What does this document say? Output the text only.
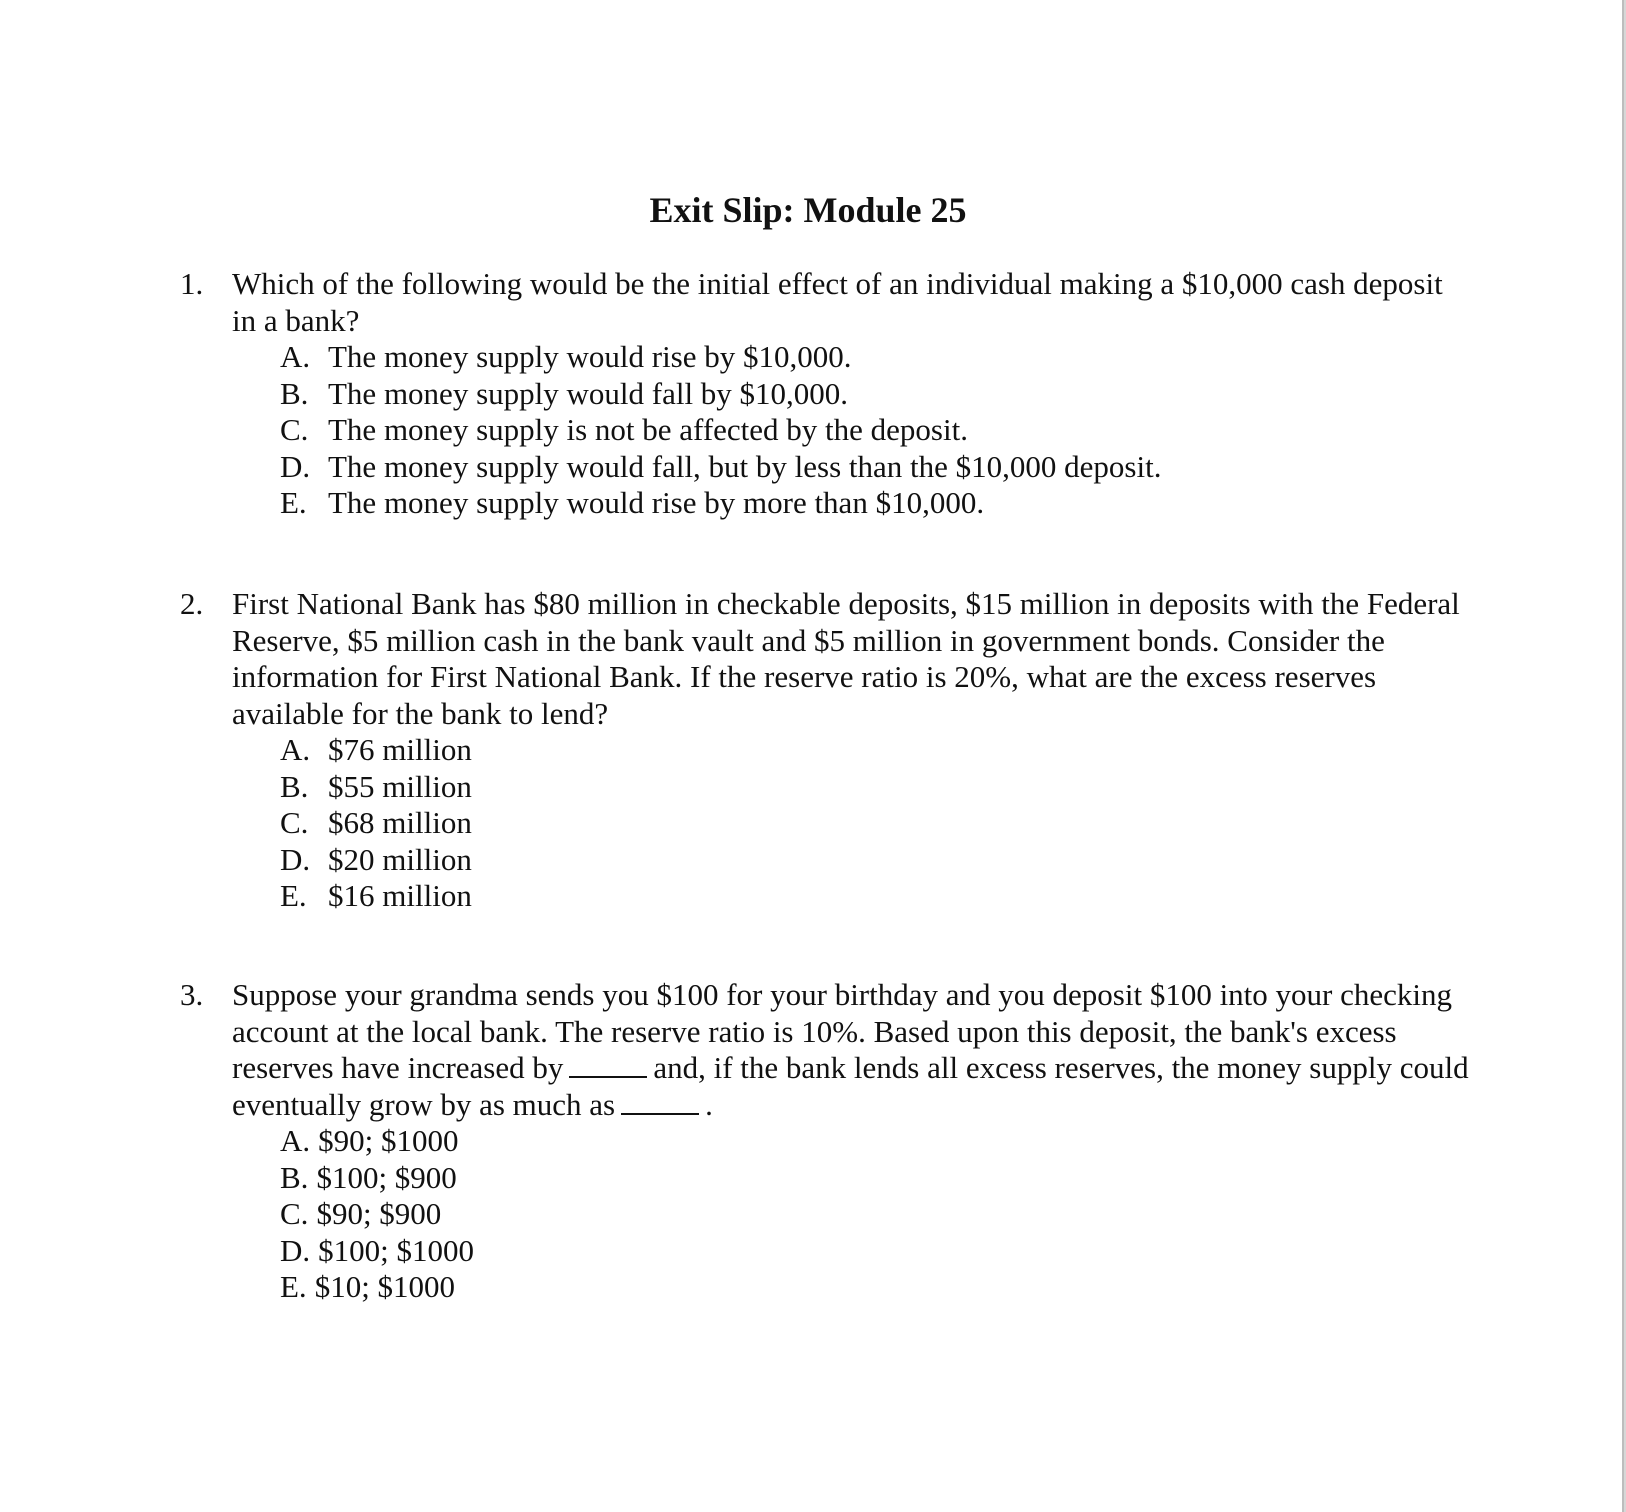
Exit Slip: Module 25
1. Which of the following would be the initial effect of an individual making a $10,000 cash deposit in a bank?
A. The money supply would rise by $10,000.
B. The money supply would fall by $10,000.
C. The money supply is not be affected by the deposit.
D. The money supply would fall, but by less than the $10,000 deposit.
E. The money supply would rise by more than $10,000.
2. First National Bank has $80 million in checkable deposits, $15 million in deposits with the Federal Reserve, $5 million cash in the bank vault and $5 million in government bonds. Consider the information for First National Bank. If the reserve ratio is 20%, what are the excess reserves available for the bank to lend?
A. $76 million
B. $55 million
C. $68 million
D. $20 million
E. $16 million
3. Suppose your grandma sends you $100 for your birthday and you deposit $100 into your checking account at the local bank. The reserve ratio is 10%. Based upon this deposit, the bank's excess reserves have increased by	and, if the bank lends all excess reserves, the money supply could eventually grow by as much as	.
A. $90; $1000
B. $100; $900
C. $90; $900
D. $100; $1000
E. $10; $1000
